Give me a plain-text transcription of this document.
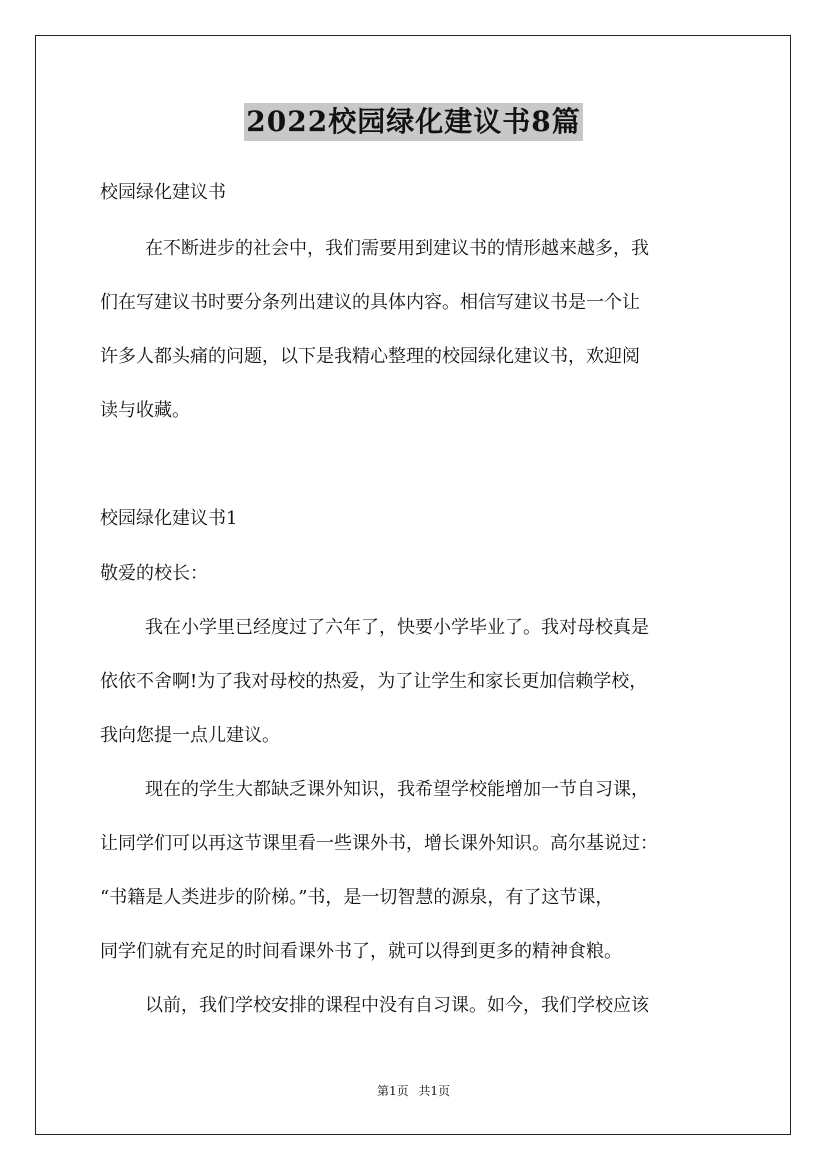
2022校园绿化建议书8篇
校园绿化建议书
在不断进步的社会中，我们需要用到建议书的情形越来越多，我
们在写建议书时要分条列出建议的具体内容。相信写建议书是一个让
许多人都头痛的问题，以下是我精心整理的校园绿化建议书，欢迎阅
读与收藏。
校园绿化建议书1
敬爱的校长：
我在小学里已经度过了六年了，快要小学毕业了。我对母校真是
依依不舍啊!为了我对母校的热爱，为了让学生和家长更加信赖学校，
我向您提一点儿建议。
现在的学生大都缺乏课外知识，我希望学校能增加一节自习课，
让同学们可以再这节课里看一些课外书，增长课外知识。高尔基说过：
“书籍是人类进步的阶梯。”书，是一切智慧的源泉，有了这节课，
同学们就有充足的时间看课外书了，就可以得到更多的精神食粮。
以前，我们学校安排的课程中没有自习课。如今，我们学校应该
第1页 共1页
